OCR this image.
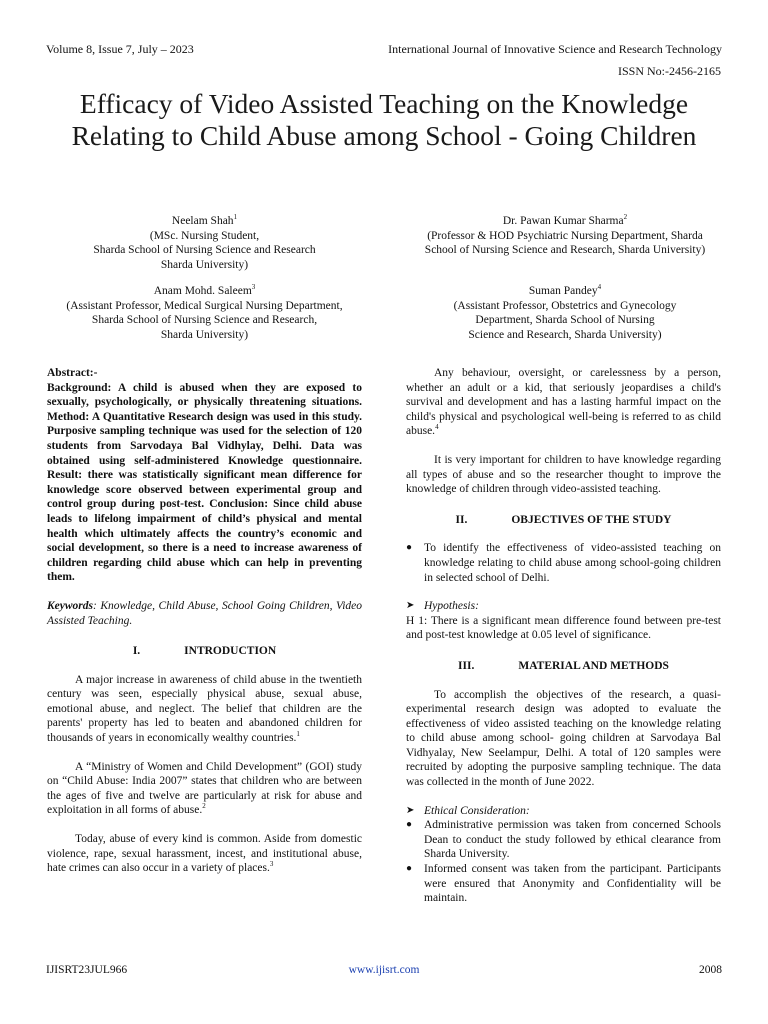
Volume 8, Issue 7, July – 2023	International Journal of Innovative Science and Research Technology
ISSN No:-2456-2165
Efficacy of Video Assisted Teaching on the Knowledge Relating to Child Abuse among School - Going Children
Neelam Shah$^1$
(MSc. Nursing Student,
Sharda School of Nursing Science and Research
Sharda University)
Dr. Pawan Kumar Sharma$^2$
(Professor & HOD Psychiatric Nursing Department, Sharda
School of Nursing Science and Research, Sharda University)
Anam Mohd. Saleem$^3$
(Assistant Professor, Medical Surgical Nursing Department,
Sharda School of Nursing Science and Research,
Sharda University)
Suman Pandey$^4$
(Assistant Professor, Obstetrics and Gynecology
Department, Sharda School of Nursing
Science and Research, Sharda University)
Abstract:-

Background: A child is abused when they are exposed to sexually, psychologically, or physically threatening situations. Method: A Quantitative Research design was used in this study. Purposive sampling technique was used for the selection of 120 students from Sarvodaya Bal Vidhylay, Delhi. Data was obtained using self-administered Knowledge questionnaire. Result: there was statistically significant mean difference for knowledge score observed between experimental group and control group during post-test. Conclusion: Since child abuse leads to lifelong impairment of child’s physical and mental health which ultimately affects the country’s economic and social development, so there is a need to increase awareness of children regarding child abuse which can help in preventing them.

Keywords: Knowledge, Child Abuse, School Going Children, Video Assisted Teaching.

I.	INTRODUCTION

A major increase in awareness of child abuse in the twentieth century was seen, especially physical abuse, sexual abuse, emotional abuse, and neglect. The belief that children are the parents' property has led to beaten and abandoned children for thousands of years in economically wealthy countries.$^1$

A “Ministry of Women and Child Development” (GOI) study on “Child Abuse: India 2007” states that children who are between the ages of five and twelve are particularly at risk for abuse and exploitation in all forms of abuse.$^2$

Today, abuse of every kind is common. Aside from domestic violence, rape, sexual harassment, incest, and institutional abuse, hate crimes can also occur in a variety of places.$^3$

Any behaviour, oversight, or carelessness by a person, whether an adult or a kid, that seriously jeopardises a child's survival and development and has a lasting harmful impact on the child's physical and psychological well-being is referred to as child abuse.$^4$

It is very important for children to have knowledge regarding all types of abuse and so the researcher thought to improve the knowledge of children through video-assisted teaching.

II.	OBJECTIVES OF THE STUDY
●	To identify the effectiveness of video-assisted teaching on knowledge relating to child abuse among school-going children in selected school of Delhi.
➤ Hypothesis:

H 1: There is a significant mean difference found between pre-test and post-test knowledge at 0.05 level of significance.

III.	MATERIAL AND METHODS

To accomplish the objectives of the research, a quasi-experimental research design was adopted to evaluate the effectiveness of video assisted teaching on the knowledge relating to child abuse among school- going children at Sarvodaya Bal Vidhyalay, New Seelampur, Delhi. A total of 120 samples were recruited by adopting the purposive sampling technique. The data was collected in the month of June 2022.

➤ Ethical Consideration:
●	Administrative permission was taken from concerned Schools Dean to conduct the study followed by ethical clearance from Sharda University.
●	Informed consent was taken from the participant. Participants were ensured that Anonymity and Confidentiality will be maintain.
IJISRT23JUL966	www.ijisrt.com	2008
